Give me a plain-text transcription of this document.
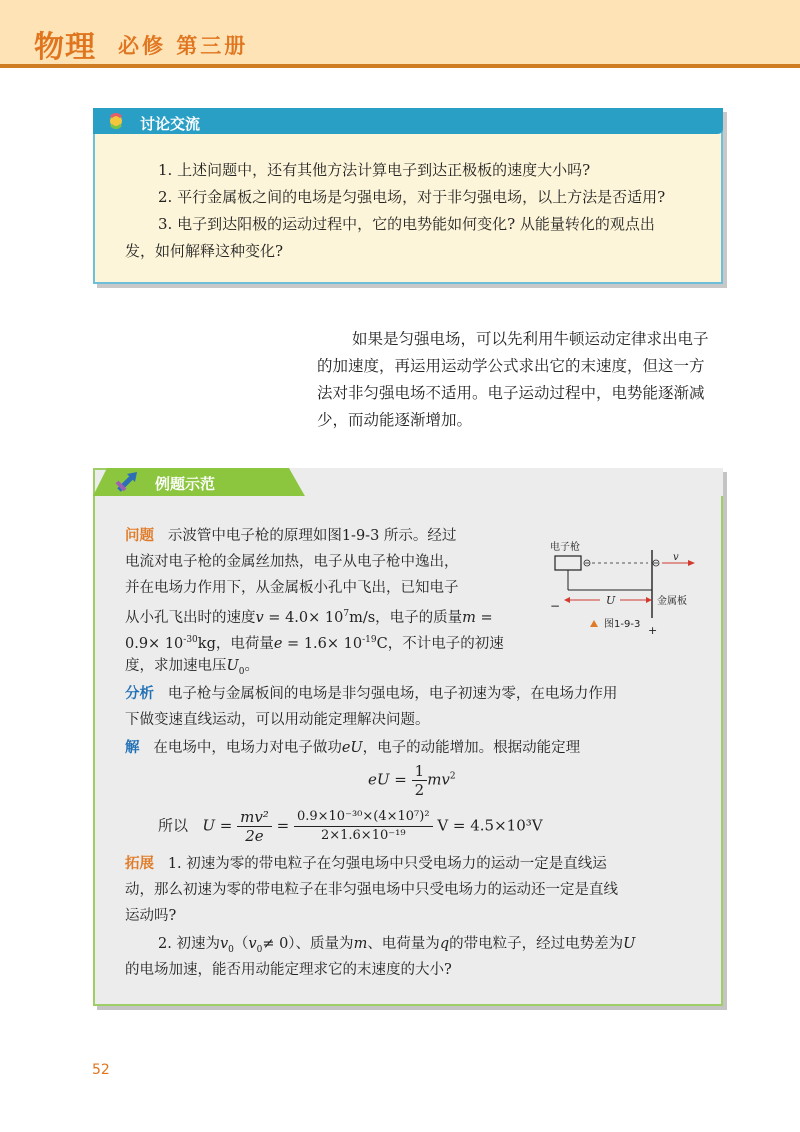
物理 必修 第三册
讨论交流
1. 上述问题中，还有其他方法计算电子到达正极板的速度大小吗?
2. 平行金属板之间的电场是匀强电场，对于非匀强电场，以上方法是否适用?
3. 电子到达阳极的运动过程中，它的电势能如何变化? 从能量转化的观点出
发，如何解释这种变化?
如果是匀强电场，可以先利用牛顿运动定律求出电子
的加速度，再运用运动学公式求出它的末速度，但这一方
法对非匀强电场不适用。电子运动过程中，电势能逐渐减
少，而动能逐渐增加。
例题示范
问题 示波管中电子枪的原理如图1-9-3 所示。经过
电流对电子枪的金属丝加热，电子从电子枪中逸出，
并在电场力作用下，从金属板小孔中飞出，已知电子
从小孔飞出时的速度$v = 4.0\times 10^7m/s$，电子的质量m =
$0.9\times 10^{-30}kg$，电荷量$e = 1.6\times 10^{-19}C$，不计电子的初速
度，求加速电压$U_0$。
电子枪
v
−
+
U	金属板
图1-9-3
分析 电子枪与金属板间的电场是非匀强电场，电子初速为零，在电场力作用
下做变速直线运动，可以用动能定理解决问题。
解 在电场中，电场力对电子做功eU，电子的动能增加。根据动能定理
eU = $\frac{1}{2} mv^2$
所以 $U = \frac{\text{mv²}}{2e} = \frac{\text{0.9×10⁻³⁰×(4×10⁷)²}}{\text{2×1.6×10⁻¹⁹}}$ V = 4.5×10³V
拓展 1. 初速为零的带电粒子在匀强电场中只受电场力的运动一定是直线运
动，那么初速为零的带电粒子在非匀强电场中只受电场力的运动还一定是直线
运动吗?
2. 初速为$v_0(v_0\ne 0)$、质量为m、电荷量为q的带电粒子，经过电势差为U
的电场加速，能否用动能定理求它的末速度的大小?
52
